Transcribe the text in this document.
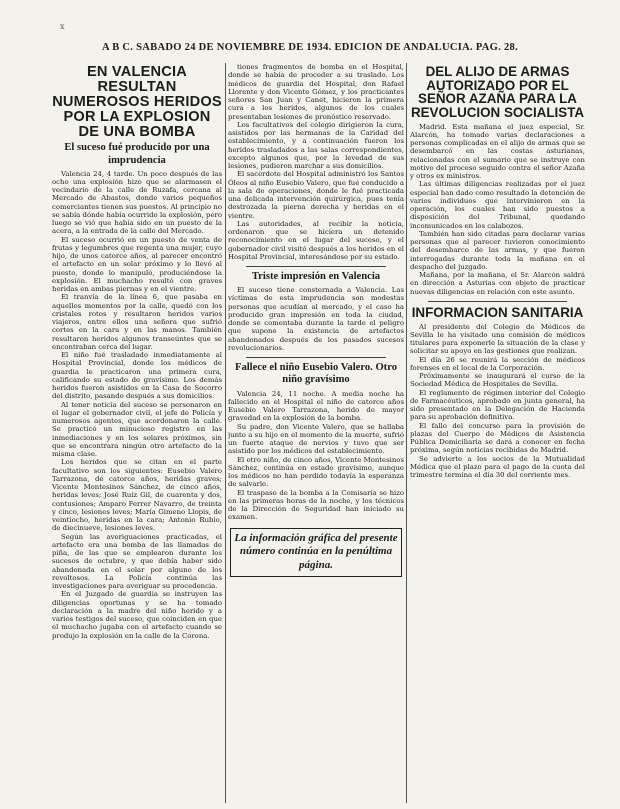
x
A B C. SABADO 24 DE NOVIEMBRE DE 1934. EDICION DE ANDALUCIA. PAG. 28.
EN VALENCIA RESULTAN NUMEROSOS HERIDOS POR LA EXPLOSION DE UNA BOMBA
El suceso fué producido por una imprudencia

Valencia 24, 4 tarde. Un poco después de las ocho una explosión hizo que se alarmasen el vecindario de la calle de Ruzafa, cercana al Mercado de Abastos, donde varios pequeños comerciantes tienen sus puestos. Al principio no se sabía dónde había ocurrido la explosión, pero luego se vió que había sido en un puesto de la acera, a la entrada de la calle del Mercado.

El suceso ocurrió en un puesto de venta de frutas y legumbres que regenta una mujer, cuyo hijo, de unos catorce años, al parecer encontró el artefacto en un solar próximo y lo llevó al puesto, donde lo manipuló, produciéndose la explosión. El muchacho resultó con graves heridas en ambas piernas y en el vientre.

El tranvía de la línea 6, que pasaba en aquellos momentos por la calle, quedó con los cristales rotos y resultaron heridos varios viajeros, entre ellos una señora que sufrió cortes en la cara y en las manos. También resultaron heridos algunos transeúntes que se encontraban cerca del lugar.

El niño fué trasladado inmediatamente al Hospital Provincial, donde los médicos de guardia le practicaron una primera cura, calificando su estado de gravísimo. Los demás heridos fueron asistidos en la Casa de Socorro del distrito, pasando después a sus domicilios.

Al tener noticia del suceso se personaron en el lugar el gobernador civil, el jefe de Policía y numerosos agentes, que acordonaron la calle. Se practicó un minucioso registro en las inmediaciones y en los solares próximos, sin que se encontrara ningún otro artefacto de la misma clase.

Los heridos que se citan en el parte facultativo son los siguientes: Eusebio Valero Tarrazona, de catorce años, heridas graves; Vicente Montesinos Sánchez, de cinco años, heridas leves; José Ruiz Gil, de cuarenta y dos, contusiones; Amparo Ferrer Navarro, de treinta y cinco, lesiones leves; María Gimeno Llopis, de veintiocho, heridas en la cara; Antonio Rubio, de diecinueve, lesiones leves.

Según las averiguaciones practicadas, el artefacto era una bomba de las llamadas de piña, de las que se emplearon durante los sucesos de octubre, y que debía haber sido abandonada en el solar por alguno de los revoltosos. La Policía continúa las investigaciones para averiguar su procedencia.

En el Juzgado de guardia se instruyen las diligencias oportunas y se ha tomado declaración a la madre del niño herido y a varios testigos del suceso, que coinciden en que el muchacho jugaba con el artefacto cuando se produjo la explosión en la calle de la Corona.

tiones fragmentos de bomba en el Hospital, donde se había de proceder a su traslado. Los médicos de guardia del Hospital, don Rafael Llorente y don Vicente Gómez, y los practicantes señores San Juan y Canet, hicieron la primera cura a los heridos, algunos de los cuales presentaban lesiones de pronóstico reservado.

Los facultativos del colegio dirigieron la cura, asistidos por las hermanas de la Caridad del establecimiento, y a continuación fueron los heridos trasladados a las salas correspondientes, excepto algunos que, por la levedad de sus lesiones, pudieron marchar a sus domicilios.

El sacerdote del Hospital administró los Santos Óleos al niño Eusebio Valero, que fué conducido a la sala de operaciones, donde le fué practicada una delicada intervención quirúrgica, pues tenía destrozada la pierna derecha y heridas en el vientre.

Las autoridades, al recibir la noticia, ordenaron que se hiciera un detenido reconocimiento en el lugar del suceso, y el gobernador civil visitó después a los heridos en el Hospital Provincial, interesándose por su estado.

Triste impresión en Valencia

El suceso tiene consternada a Valencia. Las víctimas de esta imprudencia son modestas personas que acudían al mercado, y el caso ha producido gran impresión en toda la ciudad, donde se comentaba durante la tarde el peligro que supone la existencia de artefactos abandonados después de los pasados sucesos revolucionarios.

Fallece el niño Eusebio Valero. Otro niño gravísimo

Valencia 24, 11 noche. A media noche ha fallecido en el Hospital el niño de catorce años Eusebio Valero Tarrazona, herido de mayor gravedad en la explosión de la bomba.

Su padre, don Vicente Valero, que se hallaba junto a su hijo en el momento de la muerte, sufrió un fuerte ataque de nervios y tuvo que ser asistido por los médicos del establecimiento.

El otro niño, de cinco años, Vicente Montesinos Sánchez, continúa en estado gravísimo, aunque los médicos no han perdido todavía la esperanza de salvarle.

El traspaso de la bomba a la Comisaría se hizo en las primeras horas de la noche, y los técnicos de la Dirección de Seguridad han iniciado su examen.

La información gráfica del presente número continúa en la penúltima página.
DEL ALIJO DE ARMAS AUTORIZADO POR EL SEÑOR AZAÑA PARA LA REVOLUCION SOCIALISTA

Madrid. Esta mañana el juez especial, Sr. Alarcón, ha tomado varias declaraciones a personas complicadas en el alijo de armas que se desembarcó en las costas asturianas, relacionadas con el sumario que se instruye con motivo del proceso seguido contra el señor Azaña y otros ex ministros.

Las últimas diligencias realizadas por el juez especial han dado como resultado la detención de varios individuos que intervinieron en la operación, los cuales han sido puestos a disposición del Tribunal, quedando incomunicados en los calabozos.

También han sido citadas para declarar varias personas que al parecer tuvieron conocimiento del desembarco de las armas, y que fueron interrogadas durante toda la mañana en el despacho del juzgado.

Mañana, por la mañana, el Sr. Alarcón saldrá en dirección a Asturias con objeto de practicar nuevas diligencias en relación con este asunto.

INFORMACION SANITARIA

Al presidente del Colegio de Médicos de Sevilla le ha visitado una comisión de médicos titulares para exponerle la situación de la clase y solicitar su apoyo en las gestiones que realizan.

El día 26 se reunirá la sección de médicos forenses en el local de la Corporación.

Próximamente se inaugurará el curso de la Sociedad Médica de Hospitales de Sevilla.

El reglamento de régimen interior del Colegio de Farmacéuticos, aprobado en junta general, ha sido presentado en la Delegación de Hacienda para su aprobación definitiva.

El fallo del concurso para la provisión de plazas del Cuerpo de Médicos de Asistencia Pública Domiciliaria se dará a conocer en fecha próxima, según noticias recibidas de Madrid.

Se advierte a los socios de la Mutualidad Médica que el plazo para el pago de la cuota del trimestre termina el día 30 del corriente mes.
